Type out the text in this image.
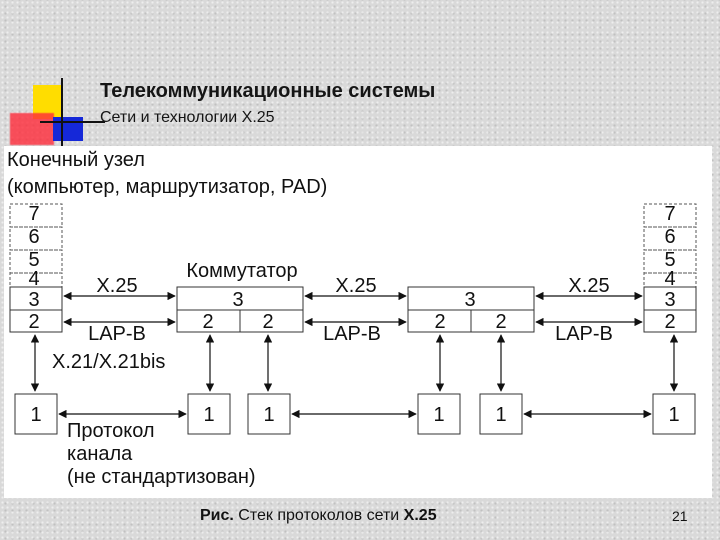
Телекоммуникационные системы
Сети и технологии X.25
Конечный узел
(компьютер, маршрутизатор, PAD)
7
6
5
4
3
2
7
6
5
4
3
2
Коммутатор
3
2 2
3
2 2
X.25	X.25	X.25
LAP-B	LAP-B	LAP-B
X.21/X.21bis
1	1 1	1	1	1
Протокол
канала
(не стандартизован)
Рис. Стек протоколов сети X.25	21
